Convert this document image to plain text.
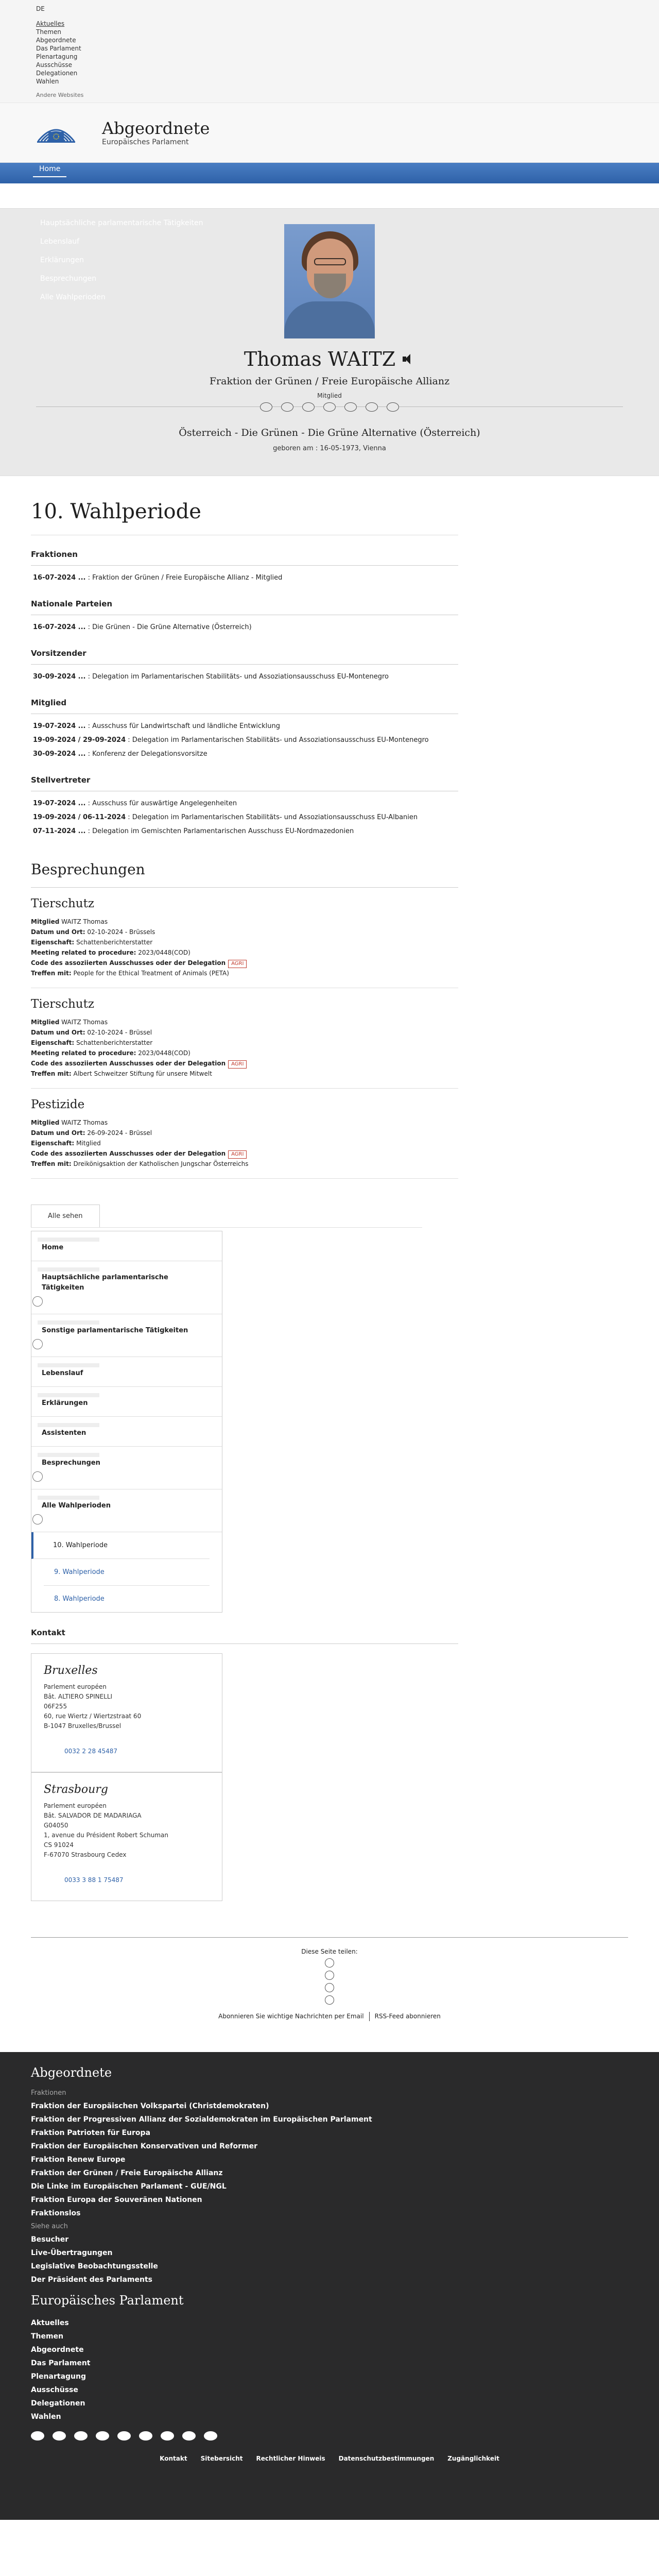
DE
Aktuelles
Themen
Abgeordnete
Das Parlament
Plenartagung
Ausschüsse
Delegationen
Wahlen
Andere Websites
Abgeordnete
Europäisches Parlament
Home
Hauptsächliche parlamentarische Tätigkeiten
Lebenslauf
Erklärungen
Besprechungen
Alle Wahlperioden
Thomas WAITZ
Fraktion der Grünen / Freie Europäische Allianz
Mitglied
Österreich - Die Grünen - Die Grüne Alternative (Österreich)
geboren am : 16-05-1973, Vienna
10. Wahlperiode
Fraktionen
16-07-2024 ... : Fraktion der Grünen / Freie Europäische Allianz - Mitglied
Nationale Parteien
16-07-2024 ... : Die Grünen - Die Grüne Alternative (Österreich)
Vorsitzender
30-09-2024 ... : Delegation im Parlamentarischen Stabilitäts- und Assoziationsausschuss EU-Montenegro
Mitglied
19-07-2024 ... : Ausschuss für Landwirtschaft und ländliche Entwicklung
19-09-2024 / 29-09-2024 : Delegation im Parlamentarischen Stabilitäts- und Assoziationsausschuss EU-Montenegro
30-09-2024 ... : Konferenz der Delegationsvorsitze
Stellvertreter
19-07-2024 ... : Ausschuss für auswärtige Angelegenheiten
19-09-2024 / 06-11-2024 : Delegation im Parlamentarischen Stabilitäts- und Assoziationsausschuss EU-Albanien
07-11-2024 ... : Delegation im Gemischten Parlamentarischen Ausschuss EU-Nordmazedonien
Besprechungen
Tierschutz

Mitglied WAITZ Thomas

Datum und Ort: 02-10-2024 - Brüssels

Eigenschaft: Schattenberichterstatter

Meeting related to procedure: 2023/0448(COD)

Code des assoziierten Ausschusses oder der Delegation AGRI

Treffen mit: People for the Ethical Treatment of Animals (PETA)

Tierschutz

Mitglied WAITZ Thomas

Datum und Ort: 02-10-2024 - Brüssel

Eigenschaft: Schattenberichterstatter

Meeting related to procedure: 2023/0448(COD)

Code des assoziierten Ausschusses oder der Delegation AGRI

Treffen mit: Albert Schweitzer Stiftung für unsere Mitwelt

Pestizide

Mitglied WAITZ Thomas

Datum und Ort: 26-09-2024 - Brüssel

Eigenschaft: Mitglied

Code des assoziierten Ausschusses oder der Delegation AGRI

Treffen mit: Dreikönigsaktion der Katholischen Jungschar Österreichs

Alle sehen
Home
Hauptsächliche parlamentarische Tätigkeiten
Sonstige parlamentarische Tätigkeiten
Lebenslauf
Erklärungen
Assistenten
Besprechungen
Alle Wahlperioden
10. Wahlperiode
9. Wahlperiode
8. Wahlperiode
Kontakt
Bruxelles

Parlement européen

Bât. ALTIERO SPINELLI

06F255

60, rue Wiertz / Wiertzstraat 60

B-1047 Bruxelles/Brussel

0032 2 28 45487

Strasbourg

Parlement européen

Bât. SALVADOR DE MADARIAGA

G04050

1, avenue du Président Robert Schuman

CS 91024

F-67070 Strasbourg Cedex

0033 3 88 1 75487

Diese Seite teilen:
Abonnieren Sie wichtige Nachrichten per Email RSS-Feed abonnieren
Abgeordnete
Fraktionen
Fraktion der Europäischen Volkspartei (Christdemokraten)
Fraktion der Progressiven Allianz der Sozialdemokraten im Europäischen Parlament
Fraktion Patrioten für Europa
Fraktion der Europäischen Konservativen und Reformer
Fraktion Renew Europe
Fraktion der Grünen / Freie Europäische Allianz
Die Linke im Europäischen Parlament - GUE/NGL
Fraktion Europa der Souveränen Nationen
Fraktionslos
Siehe auch
Besucher
Live-Übertragungen
Legislative Beobachtungsstelle
Der Präsident des Parlaments
Europäisches Parlament
Aktuelles
Themen
Abgeordnete
Das Parlament
Plenartagung
Ausschüsse
Delegationen
Wahlen
Kontakt Sitebersicht Rechtlicher Hinweis Datenschutzbestimmungen Zugänglichkeit
